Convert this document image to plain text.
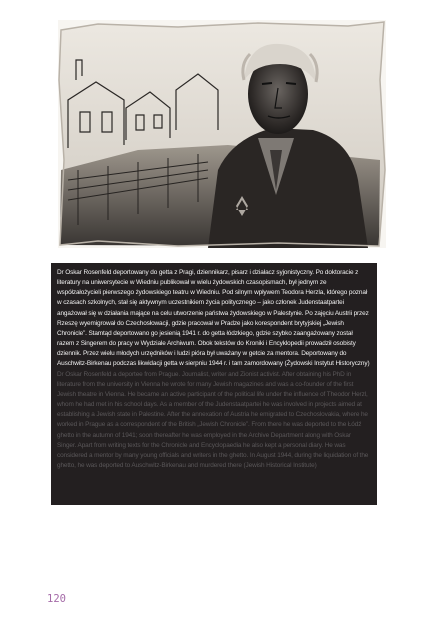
Dr Oskar Rosenfeld deportowany do getta z Pragi, dziennikarz, pisarz i działacz syjonistyczny. Po doktoracie z literatury na uniwersytecie w Wiedniu publikował w wielu żydowskich czasopismach, był jednym ze współzałożycieli pierwszego żydowskiego teatru w Wiedniu. Pod silnym wpływem Teodora Herzla, którego poznał w czasach szkolnych, stał się aktywnym uczestnikiem życia politycznego – jako członek Judenstaatpartei angażował się w działania mające na celu utworzenie państwa żydowskiego w Palestynie. Po zajęciu Austrii przez Rzeszę wyemigrował do Czechosłowacji, gdzie pracował w Pradze jako korespondent brytyjskiej „Jewish Chronicle”. Stamtąd deportowano go jesienią 1941 r. do getta łódzkiego, gdzie szybko zaangażowany został razem z Singerem do pracy w Wydziale Archiwum. Obok tekstów do Kroniki i Encyklopedii prowadził osobisty dziennik. Przez wielu młodych urzędników i ludzi pióra był uważany w getcie za mentora. Deportowany do Auschwitz-Birkenau podczas likwidacji getta w sierpniu 1944 r. i tam zamordowany (Żydowski Instytut Historyczny)

Dr Oskar Rosenfeld a deportee from Prague. Journalist, writer and Zionist activist. After obtaining his PhD in literature from the university in Vienna he wrote for many Jewish magazines and was a co-founder of the first Jewish theatre in Vienna. He became an active participant of the political life under the influence of Theodor Herzl, whom he had met in his school days. As a member of the Judenstaatpartei he was involved in projects aimed at establishing a Jewish state in Palestine. After the annexation of Austria he emigrated to Czechoslovakia, where he worked in Prague as a correspondent of the British „Jewish Chronicle”. From there he was deported to the Łódź ghetto in the autumn of 1941; soon thereafter he was employed in the Archive Department along with Oskar Singer. Apart from writing texts for the Chronicle and Encyclopaedia he also kept a personal diary. He was considered a mentor by many young officials and writers in the ghetto. In August 1944, during the liquidation of the ghetto, he was deported to Auschwitz-Birkenau and murdered there (Jewish Historical Institute)

120
